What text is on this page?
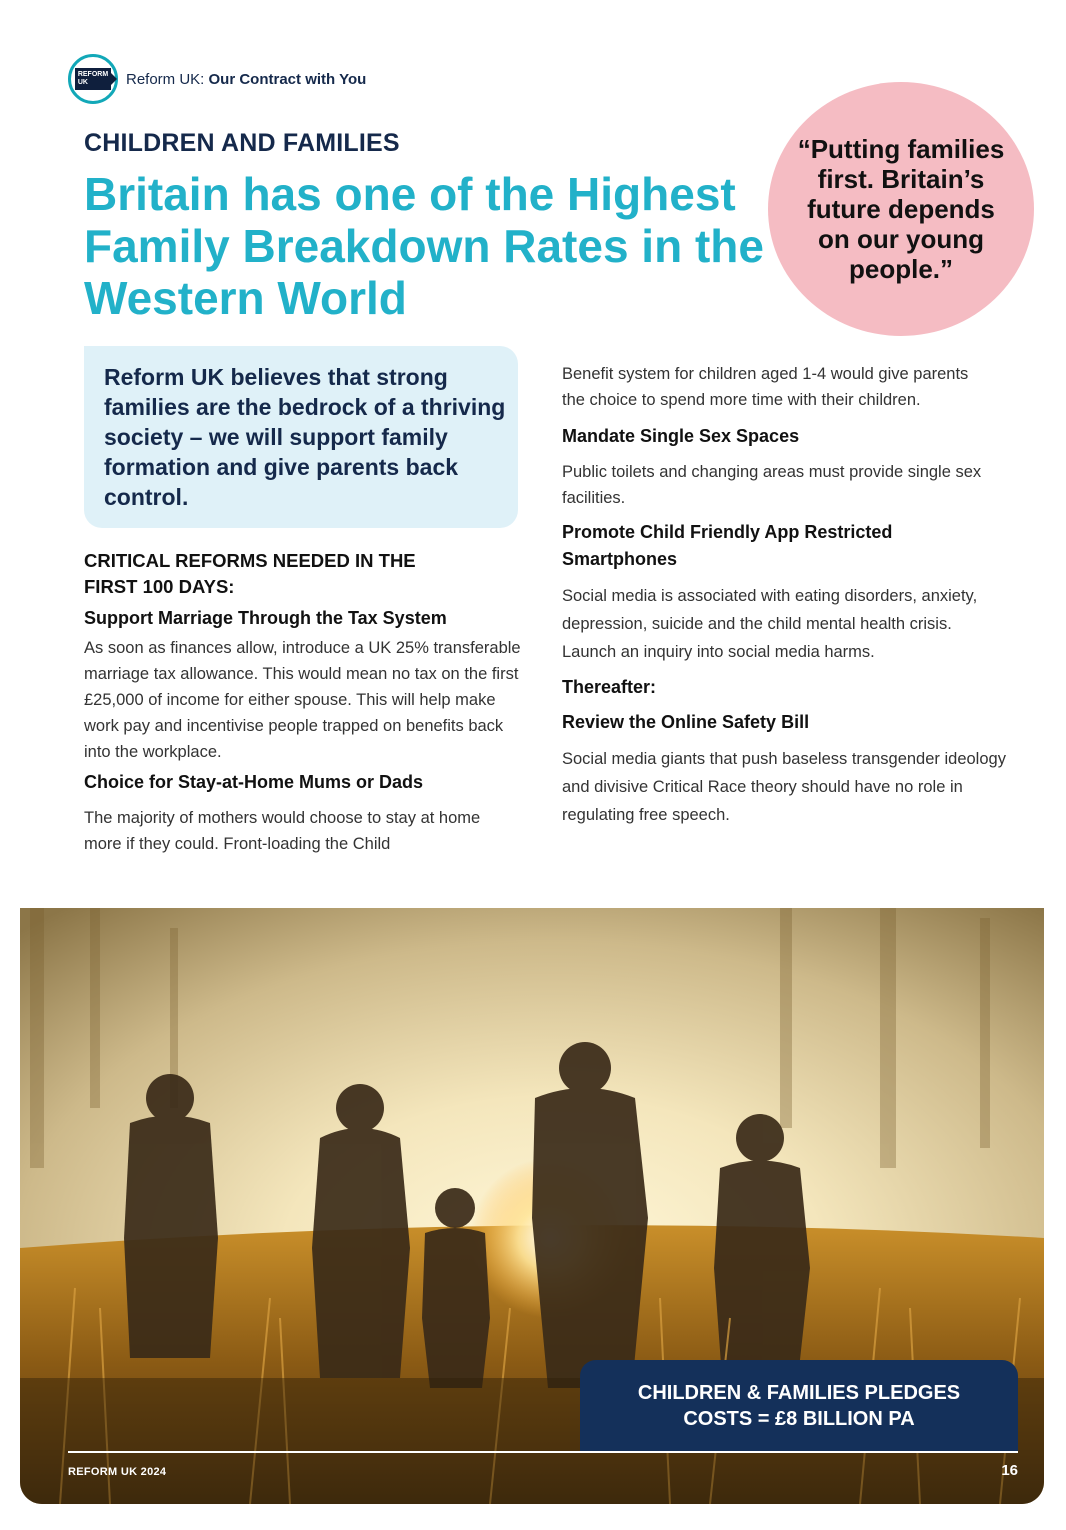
REFORM
UK	Reform UK: Our Contract with You
CHILDREN AND FAMILIES
Britain has one of the Highest Family Breakdown Rates in the Western World
“Putting families first. Britain’s future depends on our young people.”
Reform UK believes that strong families are the bedrock of a thriving society – we will support family formation and give parents back control.
CRITICAL REFORMS NEEDED IN THE FIRST 100 DAYS:
Support Marriage Through the Tax System
As soon as finances allow, introduce a UK 25% transferable marriage tax allowance. This would mean no tax on the first £25,000 of income for either spouse. This will help make work pay and incentivise people trapped on benefits back into the workplace.
Choice for Stay-at-Home Mums or Dads
The majority of mothers would choose to stay at home more if they could. Front-loading the Child
Benefit system for children aged 1-4 would give parents the choice to spend more time with their children.
Mandate Single Sex Spaces
Public toilets and changing areas must provide single sex facilities.
Promote Child Friendly App Restricted Smartphones
Social media is associated with eating disorders, anxiety, depression, suicide and the child mental health crisis. Launch an inquiry into social media harms.
Thereafter:
Review the Online Safety Bill
Social media giants that push baseless transgender ideology and divisive Critical Race theory should have no role in regulating free speech.
CHILDREN & FAMILIES PLEDGES
COSTS = £8 BILLION PA
REFORM UK 2024	16
